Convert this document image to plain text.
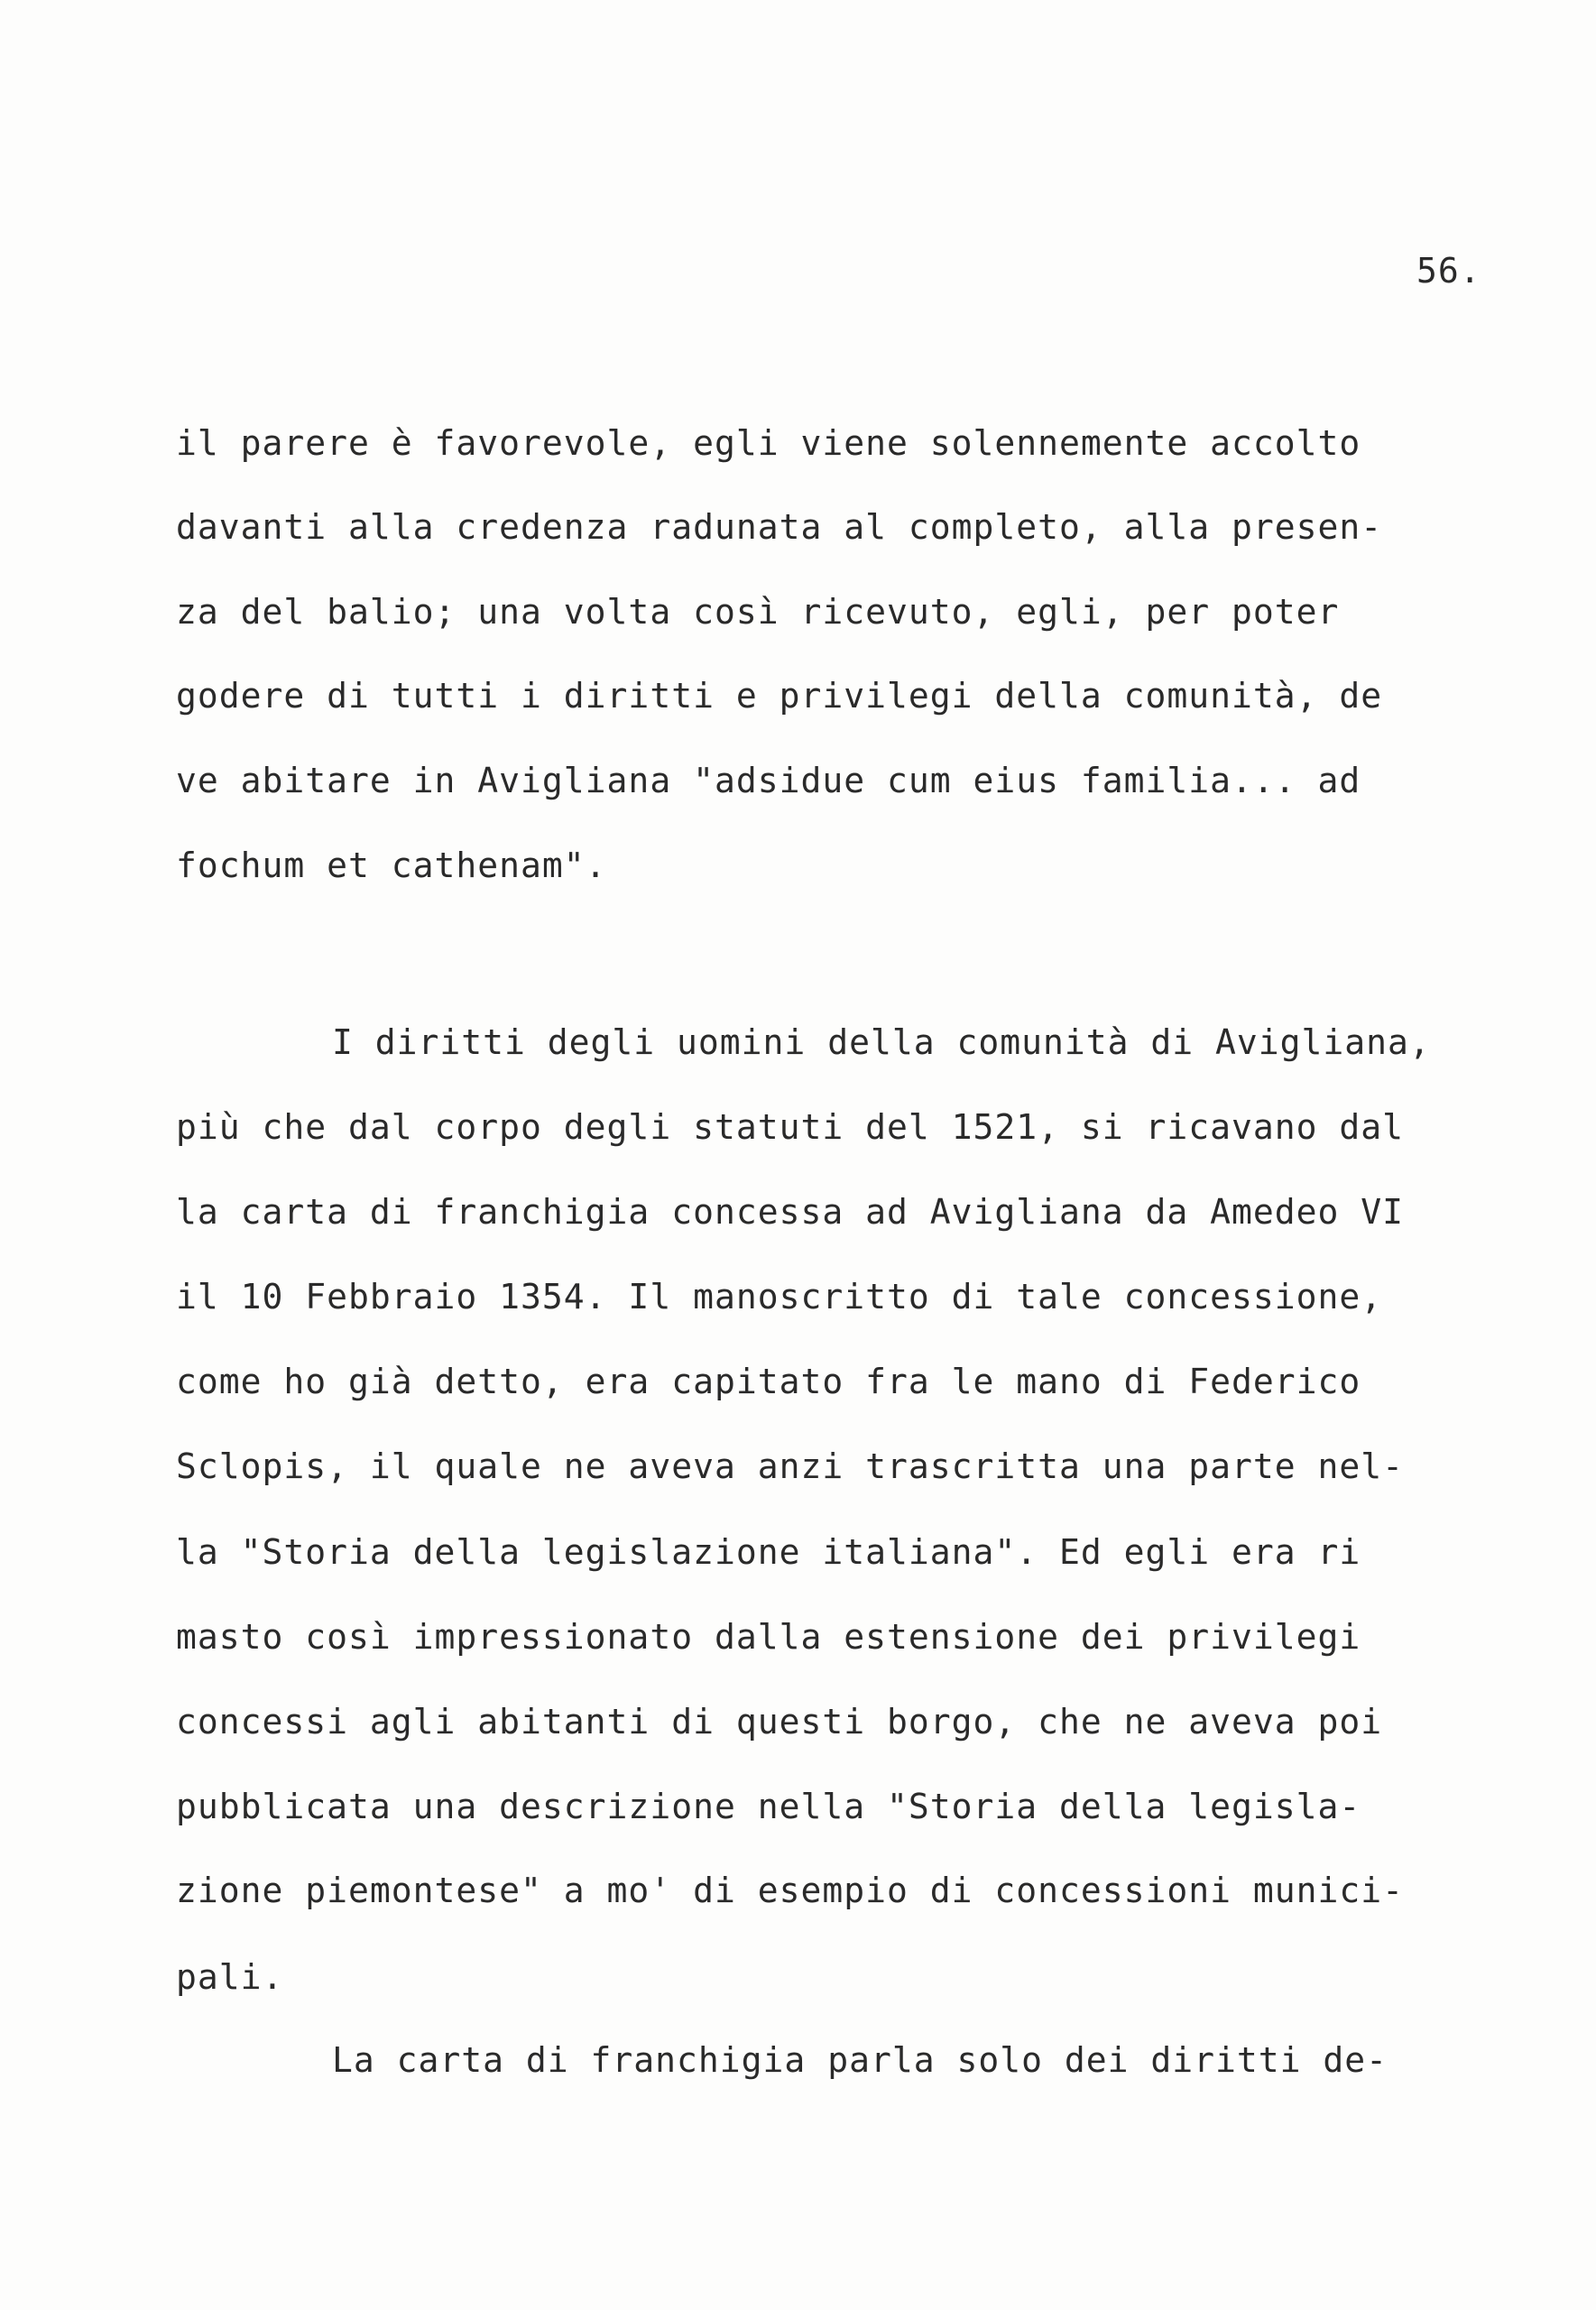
56.
il parere è favorevole, egli viene solennemente accolto
davanti alla credenza radunata al completo, alla presen-
za del balio; una volta così ricevuto, egli, per poter
godere di tutti i diritti e privilegi della comunità, de
ve abitare in Avigliana "adsidue cum eius familia... ad
fochum et cathenam".
I diritti degli uomini della comunità di Avigliana,
più che dal corpo degli statuti del 1521, si ricavano dal
la carta di franchigia concessa ad Avigliana da Amedeo VI
il 10 Febbraio 1354. Il manoscritto di tale concessione,
come ho già detto, era capitato fra le mano di Federico
Sclopis, il quale ne aveva anzi trascritta una parte nel-
la "Storia della legislazione italiana". Ed egli era ri
masto così impressionato dalla estensione dei privilegi
concessi agli abitanti di questi borgo, che ne aveva poi
pubblicata una descrizione nella "Storia della legisla-
zione piemontese" a mo' di esempio di concessioni munici-
pali.
La carta di franchigia parla solo dei diritti de-
